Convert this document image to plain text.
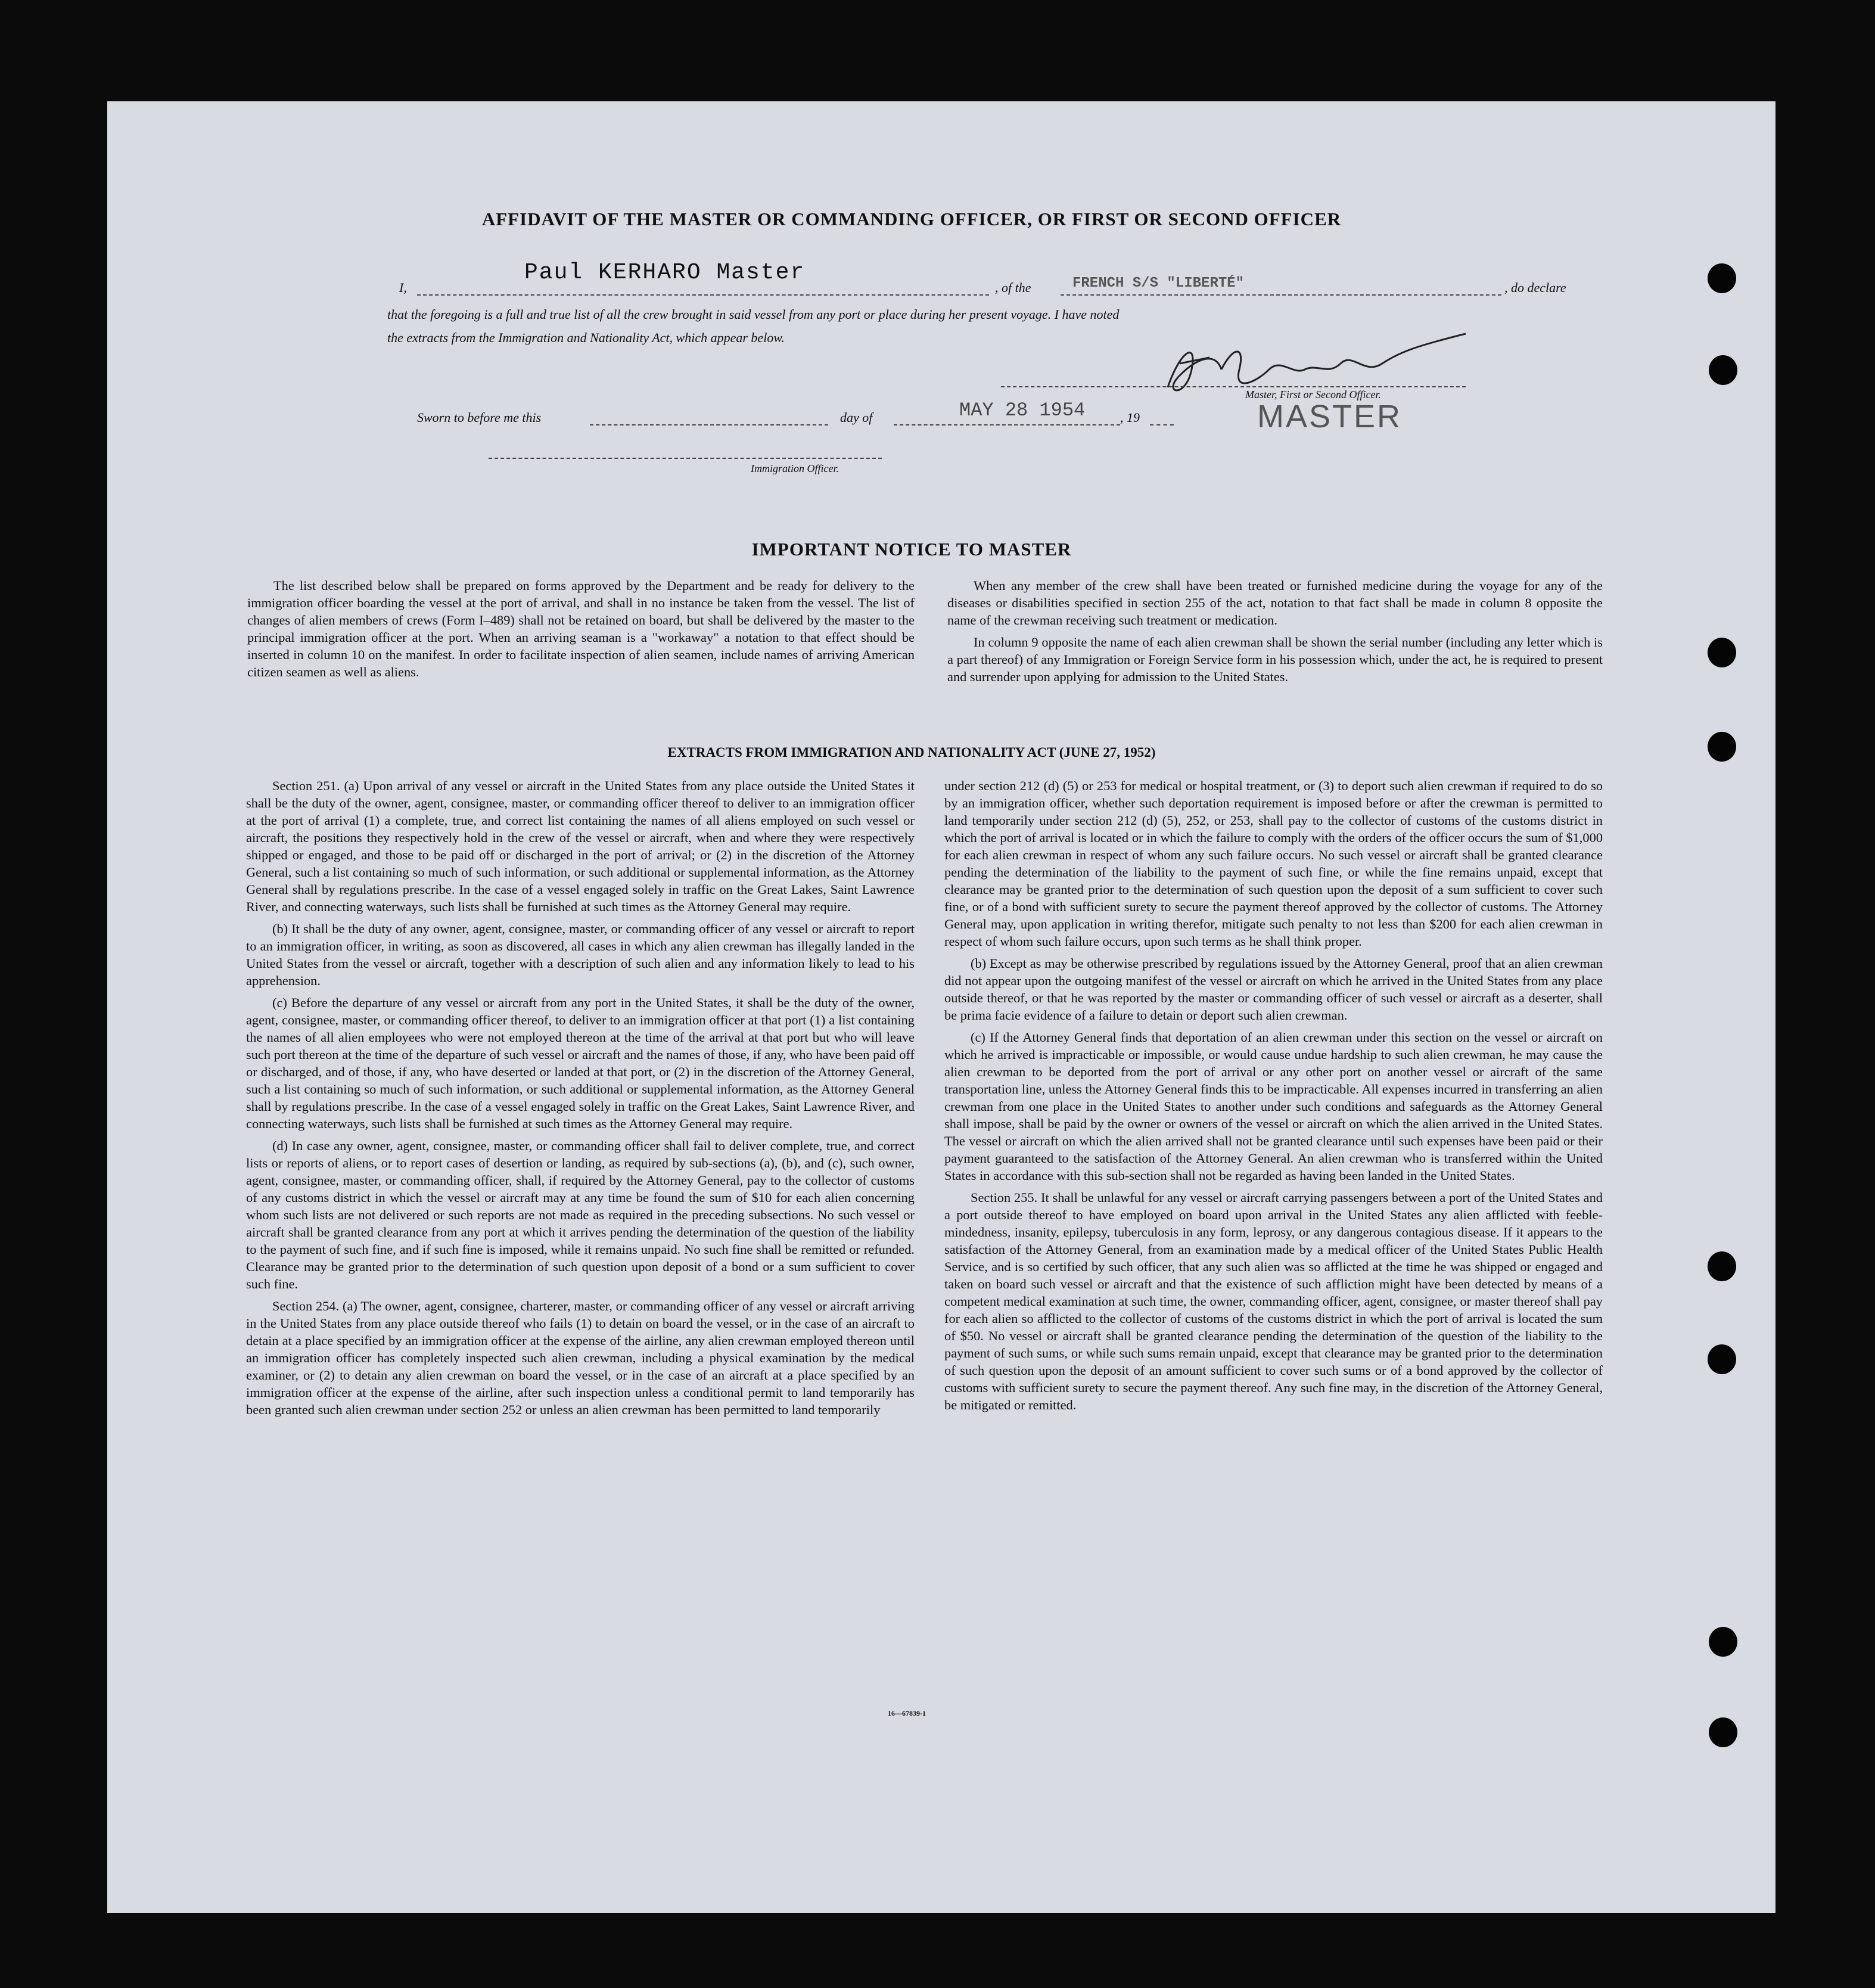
AFFIDAVIT OF THE MASTER OR COMMANDING OFFICER, OR FIRST OR SECOND OFFICER
I,
Paul KERHARO Master
, of the	FRENCH S/S "LIBERTÉ"	, do declare
that the foregoing is a full and true list of all the crew brought in said vessel from any port or place during her present voyage. I have noted
the extracts from the Immigration and Nationality Act, which appear below.
Master, First or Second Officer.
MASTER
Sworn to before me this	day of	MAY 28 1954	, 19
Immigration Officer.
IMPORTANT NOTICE TO MASTER

The list described below shall be prepared on forms approved by the Department and be ready for delivery to the immigration officer boarding the vessel at the port of arrival, and shall in no instance be taken from the vessel. The list of changes of alien members of crews (Form I–489) shall not be retained on board, but shall be delivered by the master to the principal immigration officer at the port. When an arriving seaman is a "workaway" a notation to that effect should be inserted in column 10 on the manifest. In order to facilitate inspection of alien seamen, include names of arriving American citizen seamen as well as aliens.

When any member of the crew shall have been treated or furnished medicine during the voyage for any of the diseases or disabilities specified in section 255 of the act, notation to that fact shall be made in column 8 opposite the name of the crewman receiving such treatment or medication.

In column 9 opposite the name of each alien crewman shall be shown the serial number (including any letter which is a part thereof) of any Immigration or Foreign Service form in his possession which, under the act, he is required to present and surrender upon applying for admission to the United States.

EXTRACTS FROM IMMIGRATION AND NATIONALITY ACT (JUNE 27, 1952)

Section 251. (a) Upon arrival of any vessel or aircraft in the United States from any place outside the United States it shall be the duty of the owner, agent, consignee, master, or commanding officer thereof to deliver to an immigration officer at the port of arrival (1) a complete, true, and correct list containing the names of all aliens employed on such vessel or aircraft, the positions they respectively hold in the crew of the vessel or aircraft, when and where they were respectively shipped or engaged, and those to be paid off or discharged in the port of arrival; or (2) in the discretion of the Attorney General, such a list containing so much of such information, or such additional or supplemental information, as the Attorney General shall by regulations prescribe. In the case of a vessel engaged solely in traffic on the Great Lakes, Saint Lawrence River, and connecting waterways, such lists shall be furnished at such times as the Attorney General may require.

(b) It shall be the duty of any owner, agent, consignee, master, or commanding officer of any vessel or aircraft to report to an immigration officer, in writing, as soon as discovered, all cases in which any alien crewman has illegally landed in the United States from the vessel or aircraft, together with a description of such alien and any information likely to lead to his apprehension.

(c) Before the departure of any vessel or aircraft from any port in the United States, it shall be the duty of the owner, agent, consignee, master, or commanding officer thereof, to deliver to an immigration officer at that port (1) a list containing the names of all alien employees who were not employed thereon at the time of the arrival at that port but who will leave such port thereon at the time of the departure of such vessel or aircraft and the names of those, if any, who have been paid off or discharged, and of those, if any, who have deserted or landed at that port, or (2) in the discretion of the Attorney General, such a list containing so much of such information, or such additional or supplemental information, as the Attorney General shall by regulations prescribe. In the case of a vessel engaged solely in traffic on the Great Lakes, Saint Lawrence River, and connecting waterways, such lists shall be furnished at such times as the Attorney General may require.

(d) In case any owner, agent, consignee, master, or commanding officer shall fail to deliver complete, true, and correct lists or reports of aliens, or to report cases of desertion or landing, as required by sub-sections (a), (b), and (c), such owner, agent, consignee, master, or commanding officer, shall, if required by the Attorney General, pay to the collector of customs of any customs district in which the vessel or aircraft may at any time be found the sum of $10 for each alien concerning whom such lists are not delivered or such reports are not made as required in the preceding subsections. No such vessel or aircraft shall be granted clearance from any port at which it arrives pending the determination of the question of the liability to the payment of such fine, and if such fine is imposed, while it remains unpaid. No such fine shall be remitted or refunded. Clearance may be granted prior to the determination of such question upon deposit of a bond or a sum sufficient to cover such fine.

Section 254. (a) The owner, agent, consignee, charterer, master, or commanding officer of any vessel or aircraft arriving in the United States from any place outside thereof who fails (1) to detain on board the vessel, or in the case of an aircraft to detain at a place specified by an immigration officer at the expense of the airline, any alien crewman employed thereon until an immigration officer has completely inspected such alien crewman, including a physical examination by the medical examiner, or (2) to detain any alien crewman on board the vessel, or in the case of an aircraft at a place specified by an immigration officer at the expense of the airline, after such inspection unless a conditional permit to land temporarily has been granted such alien crewman under section 252 or unless an alien crewman has been permitted to land temporarily

under section 212 (d) (5) or 253 for medical or hospital treatment, or (3) to deport such alien crewman if required to do so by an immigration officer, whether such deportation requirement is imposed before or after the crewman is permitted to land temporarily under section 212 (d) (5), 252, or 253, shall pay to the collector of customs of the customs district in which the port of arrival is located or in which the failure to comply with the orders of the officer occurs the sum of $1,000 for each alien crewman in respect of whom any such failure occurs. No such vessel or aircraft shall be granted clearance pending the determination of the liability to the payment of such fine, or while the fine remains unpaid, except that clearance may be granted prior to the determination of such question upon the deposit of a sum sufficient to cover such fine, or of a bond with sufficient surety to secure the payment thereof approved by the collector of customs. The Attorney General may, upon application in writing therefor, mitigate such penalty to not less than $200 for each alien crewman in respect of whom such failure occurs, upon such terms as he shall think proper.

(b) Except as may be otherwise prescribed by regulations issued by the Attorney General, proof that an alien crewman did not appear upon the outgoing manifest of the vessel or aircraft on which he arrived in the United States from any place outside thereof, or that he was reported by the master or commanding officer of such vessel or aircraft as a deserter, shall be prima facie evidence of a failure to detain or deport such alien crewman.

(c) If the Attorney General finds that deportation of an alien crewman under this section on the vessel or aircraft on which he arrived is impracticable or impossible, or would cause undue hardship to such alien crewman, he may cause the alien crewman to be deported from the port of arrival or any other port on another vessel or aircraft of the same transportation line, unless the Attorney General finds this to be impracticable. All expenses incurred in transferring an alien crewman from one place in the United States to another under such conditions and safeguards as the Attorney General shall impose, shall be paid by the owner or owners of the vessel or aircraft on which the alien arrived in the United States. The vessel or aircraft on which the alien arrived shall not be granted clearance until such expenses have been paid or their payment guaranteed to the satisfaction of the Attorney General. An alien crewman who is transferred within the United States in accordance with this sub-section shall not be regarded as having been landed in the United States.

Section 255. It shall be unlawful for any vessel or aircraft carrying passengers between a port of the United States and a port outside thereof to have employed on board upon arrival in the United States any alien afflicted with feeble-mindedness, insanity, epilepsy, tuberculosis in any form, leprosy, or any dangerous contagious disease. If it appears to the satisfaction of the Attorney General, from an examination made by a medical officer of the United States Public Health Service, and is so certified by such officer, that any such alien was so afflicted at the time he was shipped or engaged and taken on board such vessel or aircraft and that the existence of such affliction might have been detected by means of a competent medical examination at such time, the owner, commanding officer, agent, consignee, or master thereof shall pay for each alien so afflicted to the collector of customs of the customs district in which the port of arrival is located the sum of $50. No vessel or aircraft shall be granted clearance pending the determination of the question of the liability to the payment of such sums, or while such sums remain unpaid, except that clearance may be granted prior to the determination of such question upon the deposit of an amount sufficient to cover such sums or of a bond approved by the collector of customs with sufficient surety to secure the payment thereof. Any such fine may, in the discretion of the Attorney General, be mitigated or remitted.

16—67839-1
